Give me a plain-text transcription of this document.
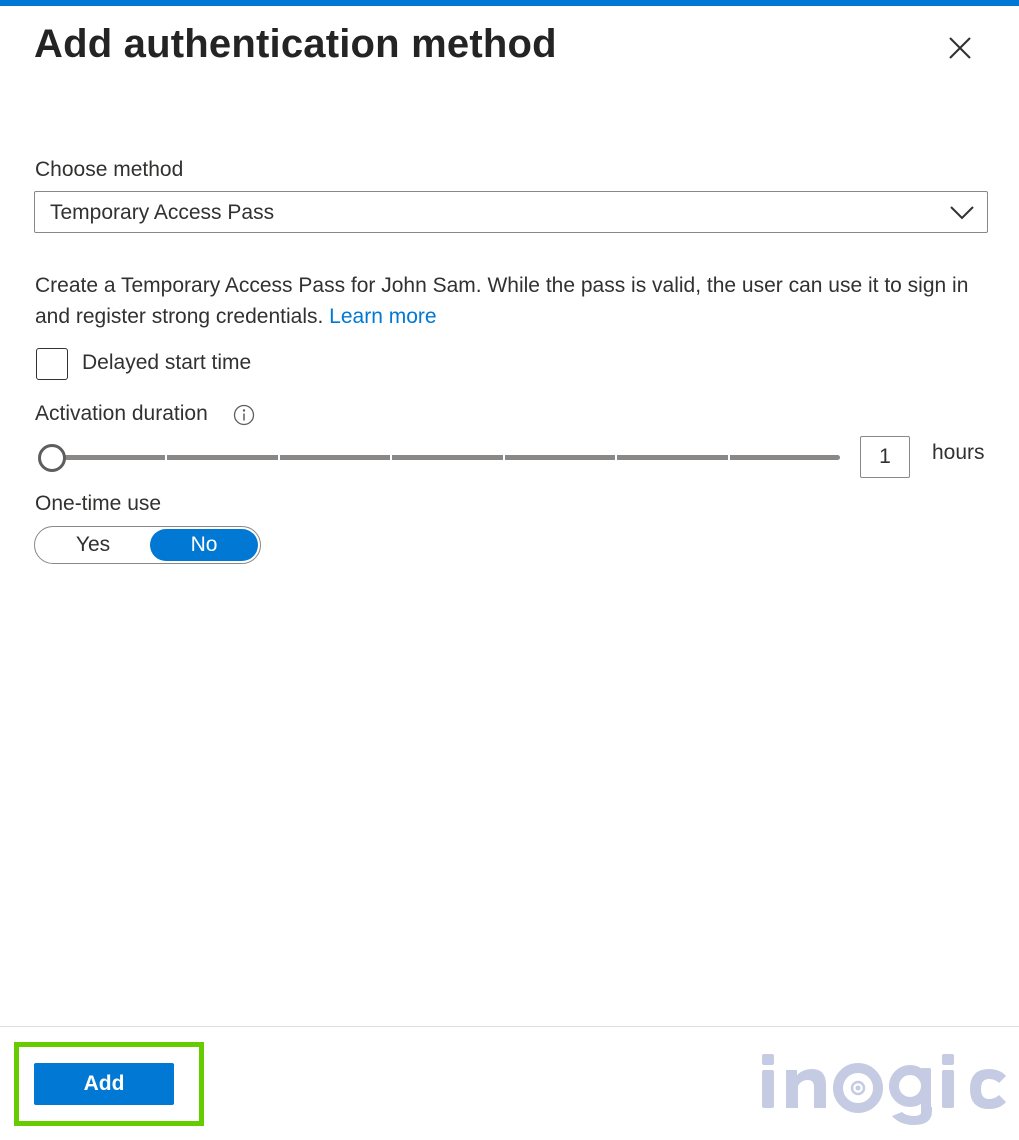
Add authentication method
Choose method
Temporary Access Pass
Create a Temporary Access Pass for John Sam. While the pass is valid, the user can use it to sign in and register strong credentials. Learn more
Delayed start time
Activation duration
1	hours
One-time use
Yes	No
Add
